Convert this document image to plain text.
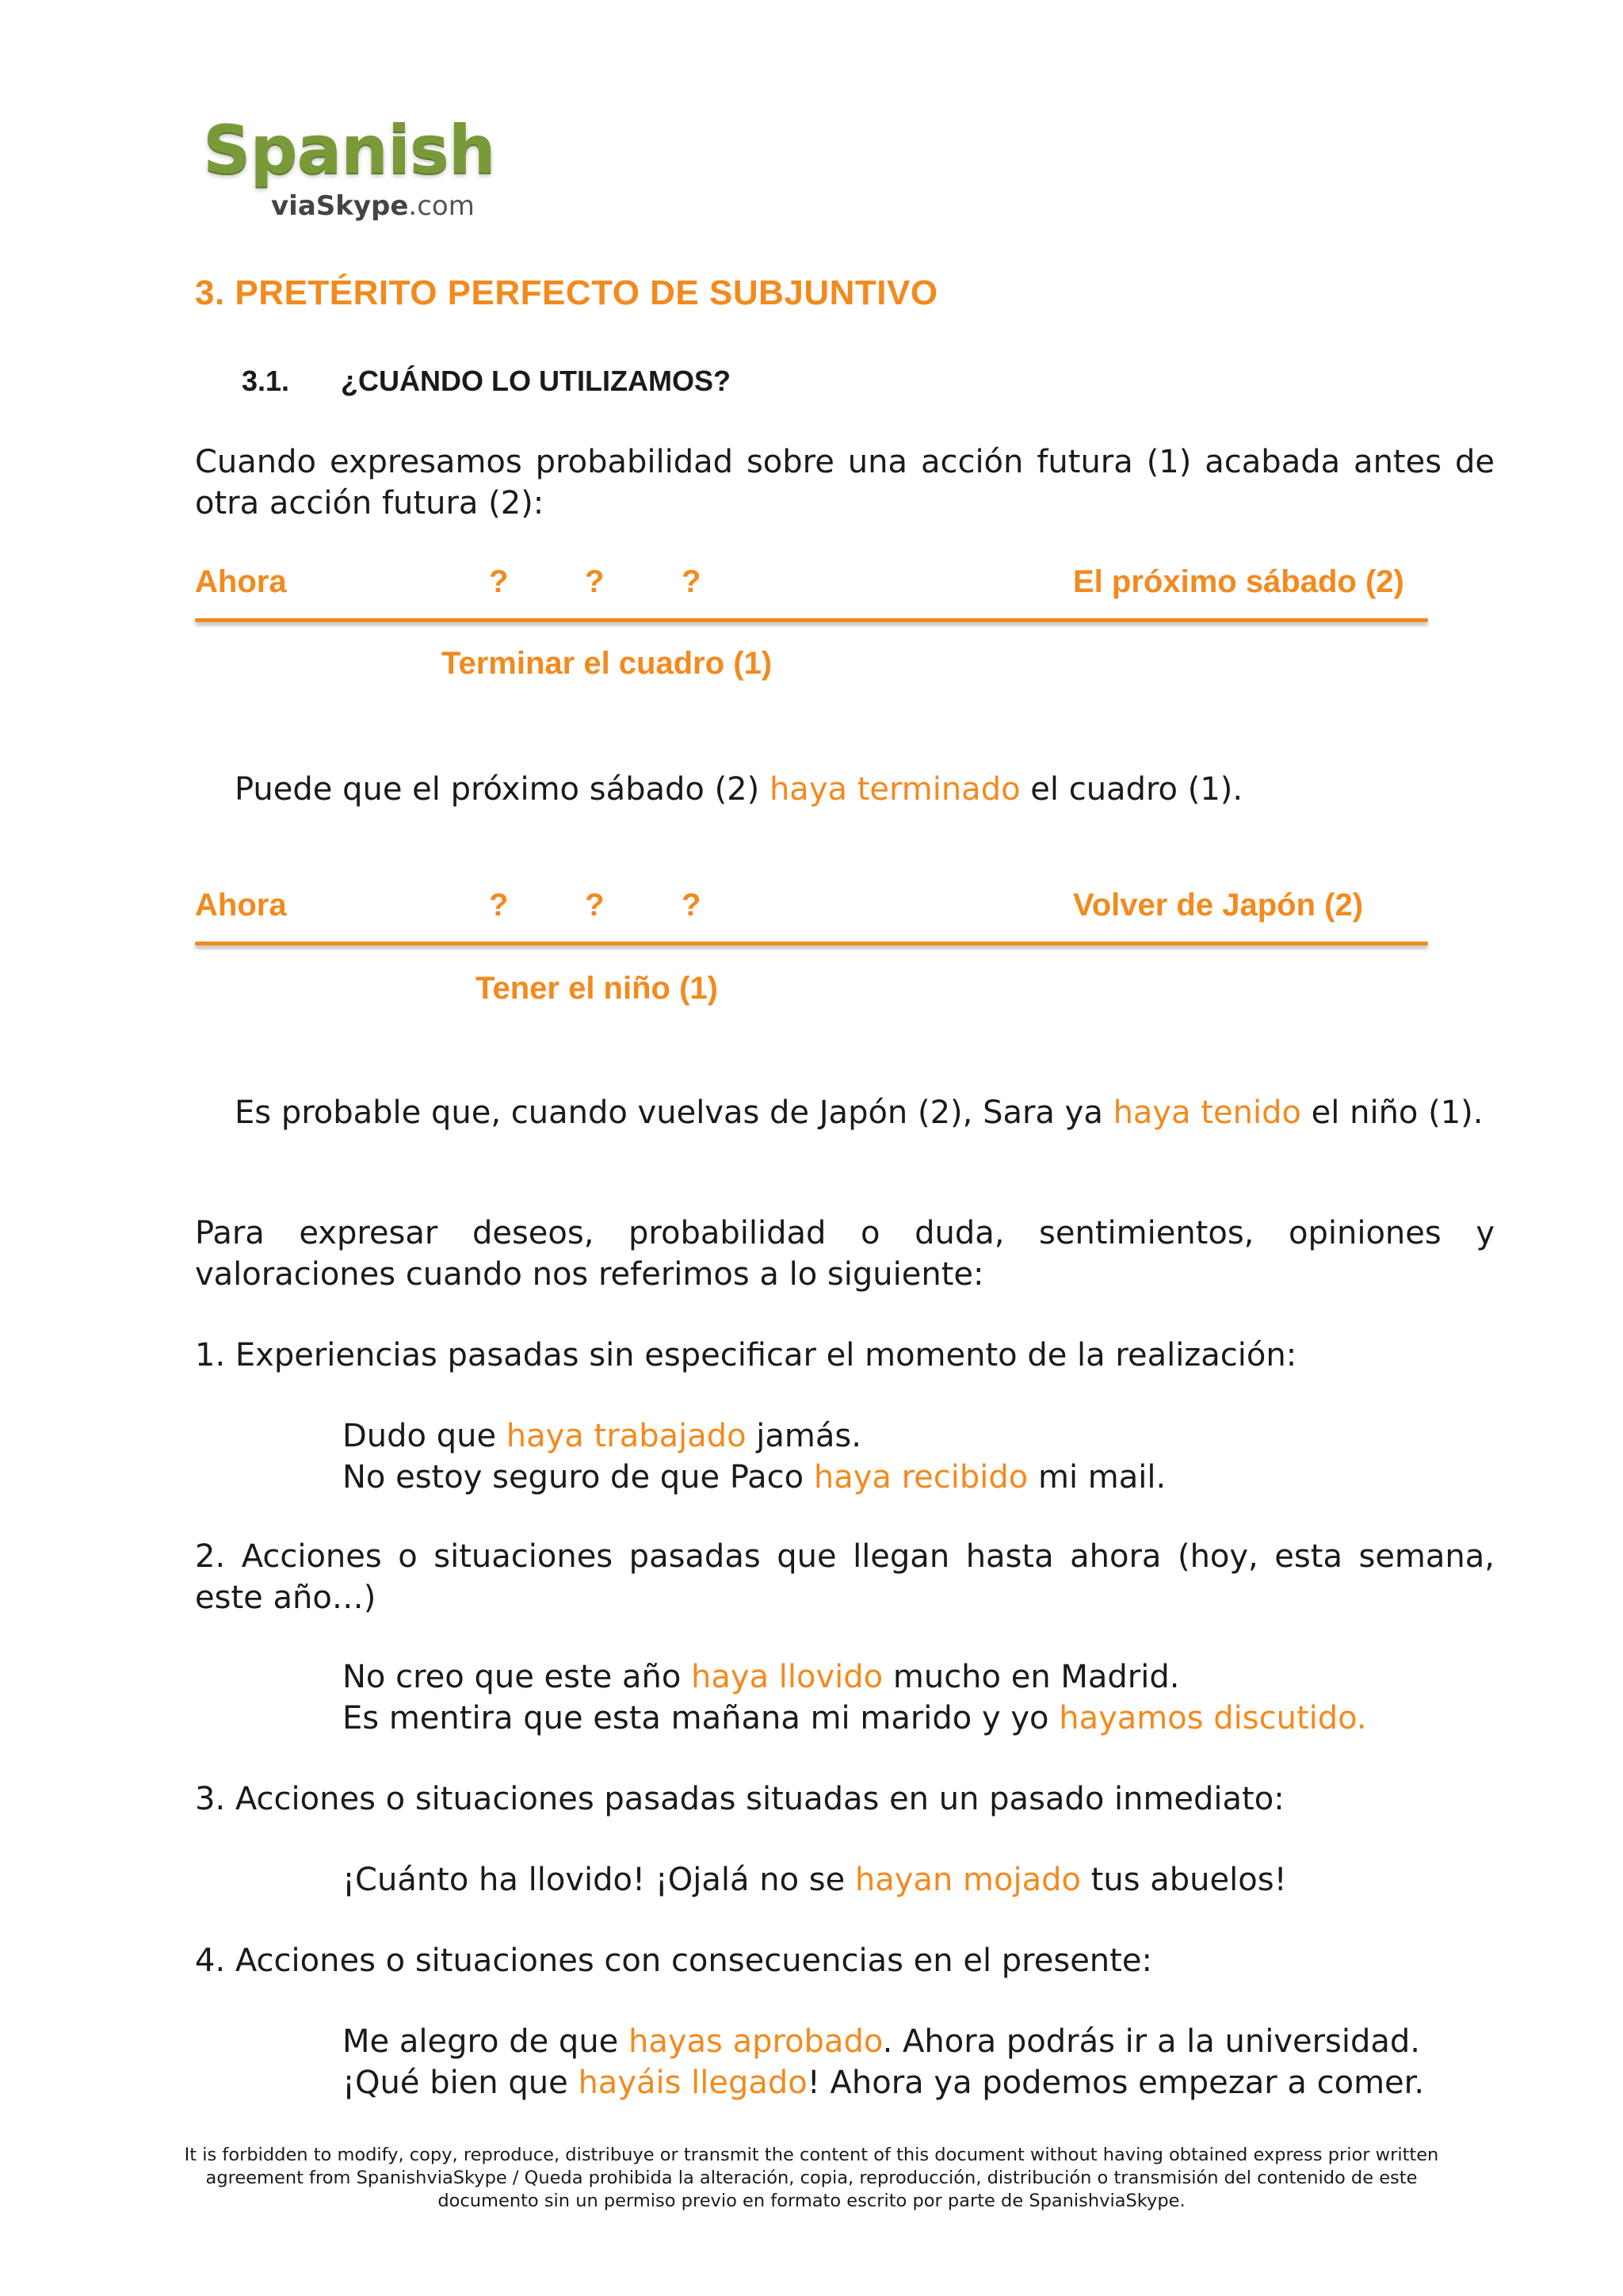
Spanish
viaSkype.com
3. PRETÉRITO PERFECTO DE SUBJUNTIVO
3.1. ¿CUÁNDO LO UTILIZAMOS?

Cuando expresamos probabilidad sobre una acción futura (1) acabada antes de otra acción futura (2):

Ahora	? ? ?	El próximo sábado (2)
Terminar el cuadro (1)
Puede que el próximo sábado (2) haya terminado el cuadro (1).
Ahora	? ? ?	Volver de Japón (2)
Tener el niño (1)
Es probable que, cuando vuelvas de Japón (2), Sara ya haya tenido el niño (1).
Para expresar deseos, probabilidad o duda, sentimientos, opiniones y
valoraciones cuando nos referimos a lo siguiente:
1. Experiencias pasadas sin especificar el momento de la realización:
Dudo que haya trabajado jamás.
No estoy seguro de que Paco haya recibido mi mail.

2. Acciones o situaciones pasadas que llegan hasta ahora (hoy, esta semana, este año…)

No creo que este año haya llovido mucho en Madrid.
Es mentira que esta mañana mi marido y yo hayamos discutido.
3. Acciones o situaciones pasadas situadas en un pasado inmediato:
¡Cuánto ha llovido! ¡Ojalá no se hayan mojado tus abuelos!
4. Acciones o situaciones con consecuencias en el presente:
Me alegro de que hayas aprobado. Ahora podrás ir a la universidad.
¡Qué bien que hayáis llegado! Ahora ya podemos empezar a comer.

It is forbidden to modify, copy, reproduce, distribuye or transmit the content of this document without having obtained express prior written agreement from SpanishviaSkype / Queda prohibida la alteración, copia, reproducción, distribución o transmisión del contenido de este documento sin un permiso previo en formato escrito por parte de SpanishviaSkype.
